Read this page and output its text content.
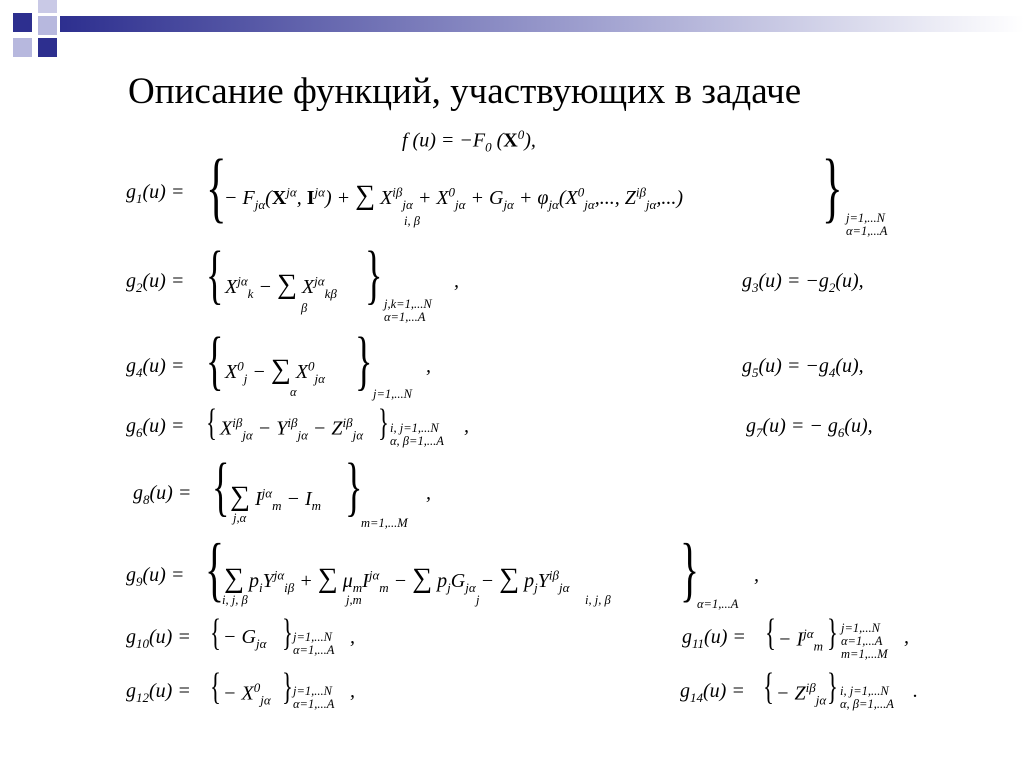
Описание функций, участвующих в задаче
f $(u) = -F_0$ $(X^0)$,
$g_1(u)$ = {
− $F_{j\alpha}(X^{j\alpha}$, $I^{j\alpha}$) + ∑ $X^{i\beta}_{j\alpha} + X^0_{j\alpha} + G_{j\alpha} + \varphi_{j\alpha}(X^0_{j\alpha}$,..., $Z^{i\beta}_{j\alpha}$,...)
i, β	} j=1,...N
α=1,...A
$g_2(u)$ = { $X^{j\alpha}_k$ − ∑ $X^{j\alpha}_{k\beta}$
β } j,k=1,...N
α=1,...A
,	$g_3(u) = -g_2(u)$,
$g_4(u)$ = { $X^0_j$ − ∑ $X^0_{j\alpha}$
α } j=1,...N
,	$g_5(u) = -g_4(u)$,
$g_6(u)$ = { $X^{i\beta}_{j\alpha} - Y^{i\beta}_{j\alpha} - Z^{i\beta}_{j\alpha}$ } i, j=1,...N
α, β=1,...A
,	$g_7(u)$ = − $g_6(u)$,
$g_8(u)$ = { ∑ $I^{j\alpha}_m - I_m$
j,α }
m=1,...M
,
$g_9(u)$ = { ∑ $p_iY^{j\alpha}_{i\beta}$ + ∑ $\mu_mI^{j\alpha}_m$ − ∑ $p_jG_{j\alpha}$ − ∑ $p_jY^{i\beta}_{j\alpha}$
i, j, β	j,m	j	i, j, β }
α=1,...A
,
$g_{10}(u)$ = { − $G_{j\alpha}$ } j=1,...N
α=1,...A
,	$g_{11}(u)$ = { − $I^{j\alpha}_m$ } j=1,...N
α=1,...A
m=1,...M
,
$g_{12}(u)$ = { − $X^0_{j\alpha}$ } j=1,...N
α=1,...A
,	$g_{14}(u)$ = { − $Z^{i\beta}_{j\alpha}$ } i, j=1,...N
α, β=1,...A
.
